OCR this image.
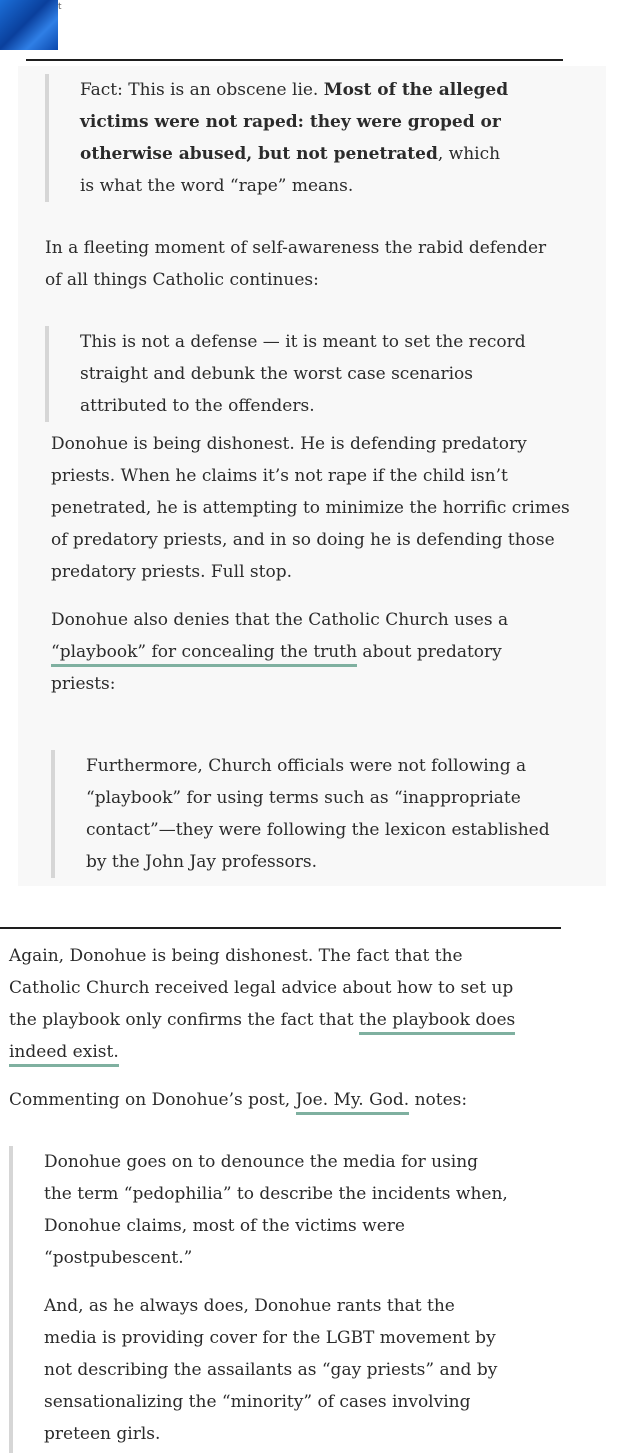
t

Fact: This is an obscene lie. Most of the alleged victims were not raped: they were groped or otherwise abused, but not penetrated, which is what the word “rape” means.

In a fleeting moment of self-awareness the rabid defender of all things Catholic continues:

This is not a defense — it is meant to set the record straight and debunk the worst case scenarios attributed to the offenders.

Donohue is being dishonest. He is defending predatory priests. When he claims it’s not rape if the child isn’t penetrated, he is attempting to minimize the horrific crimes of predatory priests, and in so doing he is defending those predatory priests. Full stop.

Donohue also denies that the Catholic Church uses a “playbook” for concealing the truth about predatory priests:

Furthermore, Church officials were not following a “playbook” for using terms such as “inappropriate contact”—they were following the lexicon established by the John Jay professors.

Again, Donohue is being dishonest. The fact that the Catholic Church received legal advice about how to set up the playbook only confirms the fact that the playbook does indeed exist.

Commenting on Donohue’s post, Joe. My. God. notes:

Donohue goes on to denounce the media for using the term “pedophilia” to describe the incidents when, Donohue claims, most of the victims were “postpubescent.”

And, as he always does, Donohue rants that the media is providing cover for the LGBT movement by not describing the assailants as “gay priests” and by sensationalizing the “minority” of cases involving preteen girls.
